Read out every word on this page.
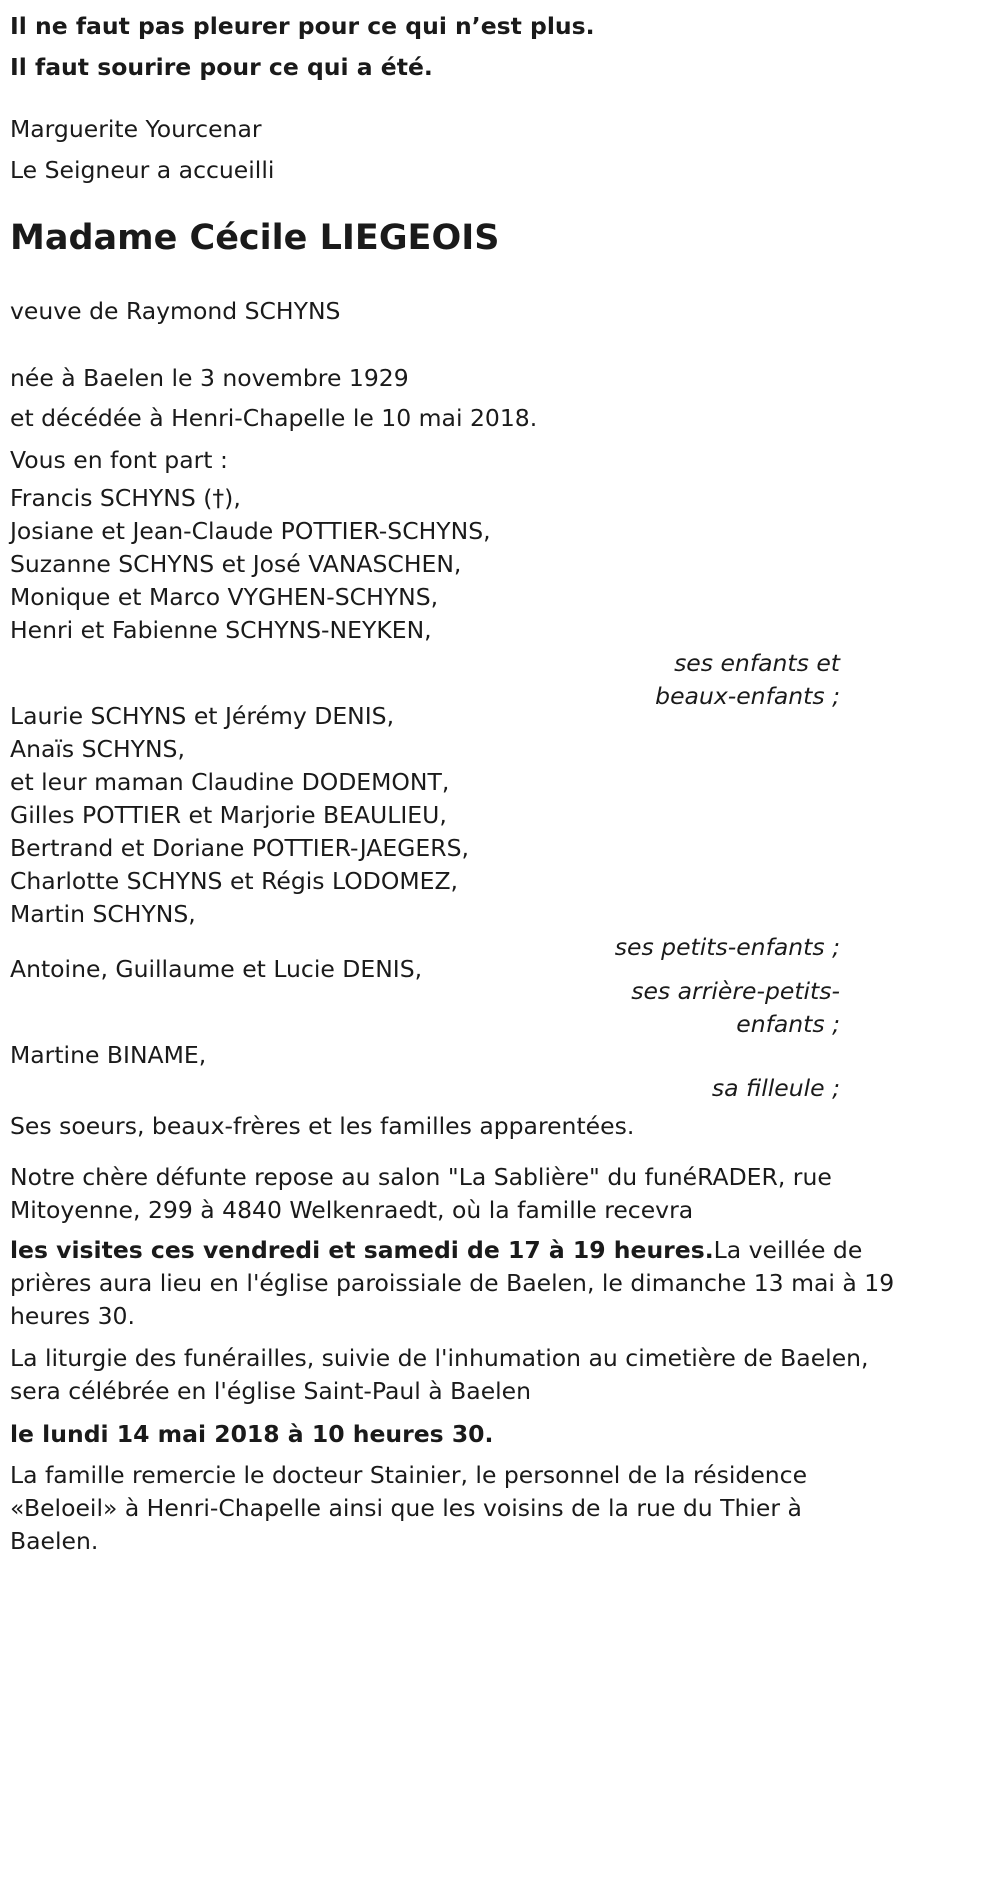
Il ne faut pas pleurer pour ce qui n’est plus.
Il faut sourire pour ce qui a été.
Marguerite Yourcenar
Le Seigneur a accueilli
Madame Cécile LIEGEOIS
veuve de Raymond SCHYNS
née à Baelen le 3 novembre 1929
et décédée à Henri-Chapelle le 10 mai 2018.
Vous en font part :
Francis SCHYNS (†),
Josiane et Jean-Claude POTTIER-SCHYNS,
Suzanne SCHYNS et José VANASCHEN,
Monique et Marco VYGHEN-SCHYNS,
Henri et Fabienne SCHYNS-NEYKEN,
ses enfants et
beaux-enfants ;
Laurie SCHYNS et Jérémy DENIS,
Anaïs SCHYNS,
et leur maman Claudine DODEMONT,
Gilles POTTIER et Marjorie BEAULIEU,
Bertrand et Doriane POTTIER-JAEGERS,
Charlotte SCHYNS et Régis LODOMEZ,
Martin SCHYNS,
ses petits-enfants ;
Antoine, Guillaume et Lucie DENIS,
ses arrière-petits-
enfants ;
Martine BINAME,
sa filleule ;
Ses soeurs, beaux-frères et les familles apparentées.
Notre chère défunte repose au salon "La Sablière" du funéRADER, rue
Mitoyenne, 299 à 4840 Welkenraedt, où la famille recevra
les visites ces vendredi et samedi de 17 à 19 heures.La veillée de
prières aura lieu en l'église paroissiale de Baelen, le dimanche 13 mai à 19
heures 30.
La liturgie des funérailles, suivie de l'inhumation au cimetière de Baelen,
sera célébrée en l'église Saint-Paul à Baelen
le lundi 14 mai 2018 à 10 heures 30.
La famille remercie le docteur Stainier, le personnel de la résidence
«Beloeil» à Henri-Chapelle ainsi que les voisins de la rue du Thier à
Baelen.
